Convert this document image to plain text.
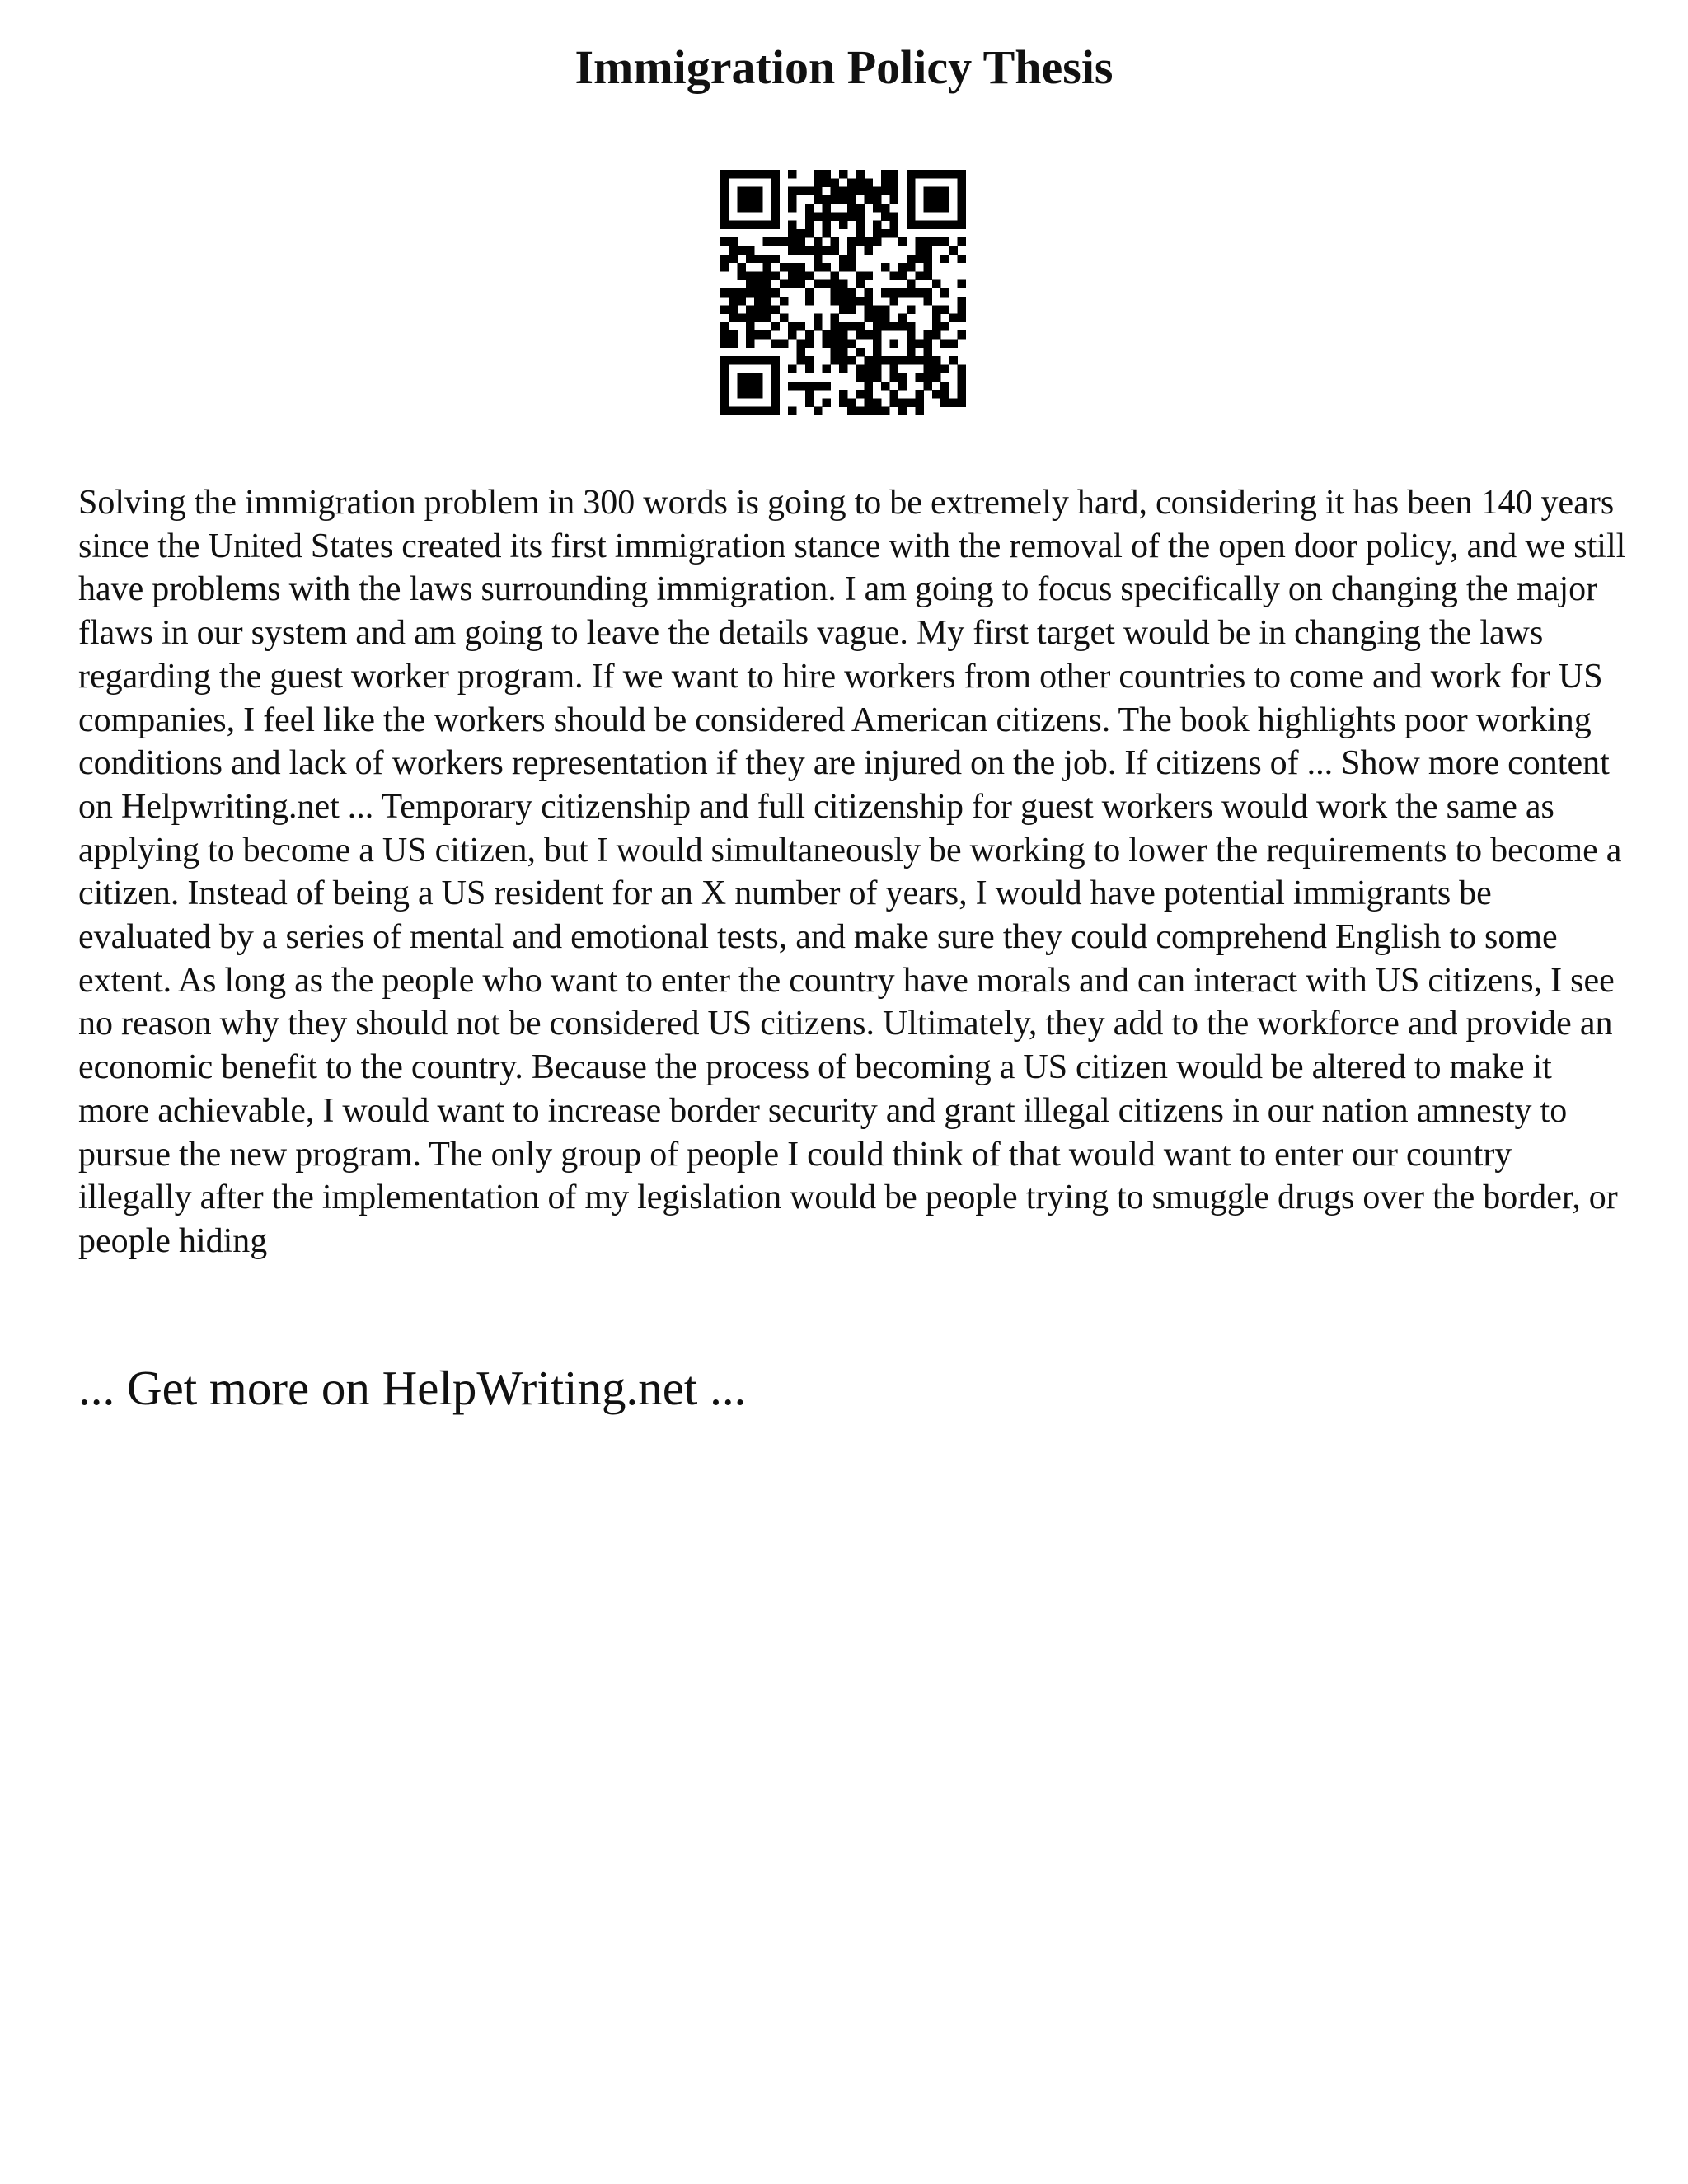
Immigration Policy Thesis

Solving the immigration problem in 300 words is going to be extremely hard, considering it has been 140 years since the United States created its first immigration stance with the removal of the open door policy, and we still have problems with the laws surrounding immigration. I am going to focus specifically on changing the major flaws in our system and am going to leave the details vague. My first target would be in changing the laws regarding the guest worker program. If we want to hire workers from other countries to come and work for US companies, I feel like the workers should be considered American citizens. The book highlights poor working conditions and lack of workers representation if they are injured on the job. If citizens of ... Show more content on Helpwriting.net ... Temporary citizenship and full citizenship for guest workers would work the same as applying to become a US citizen, but I would simultaneously be working to lower the requirements to become a citizen. Instead of being a US resident for an X number of years, I would have potential immigrants be evaluated by a series of mental and emotional tests, and make sure they could comprehend English to some extent. As long as the people who want to enter the country have morals and can interact with US citizens, I see no reason why they should not be considered US citizens. Ultimately, they add to the workforce and provide an economic benefit to the country. Because the process of becoming a US citizen would be altered to make it more achievable, I would want to increase border security and grant illegal citizens in our nation amnesty to pursue the new program. The only group of people I could think of that would want to enter our country illegally after the implementation of my legislation would be people trying to smuggle drugs over the border, or people hiding

... Get more on HelpWriting.net ...
